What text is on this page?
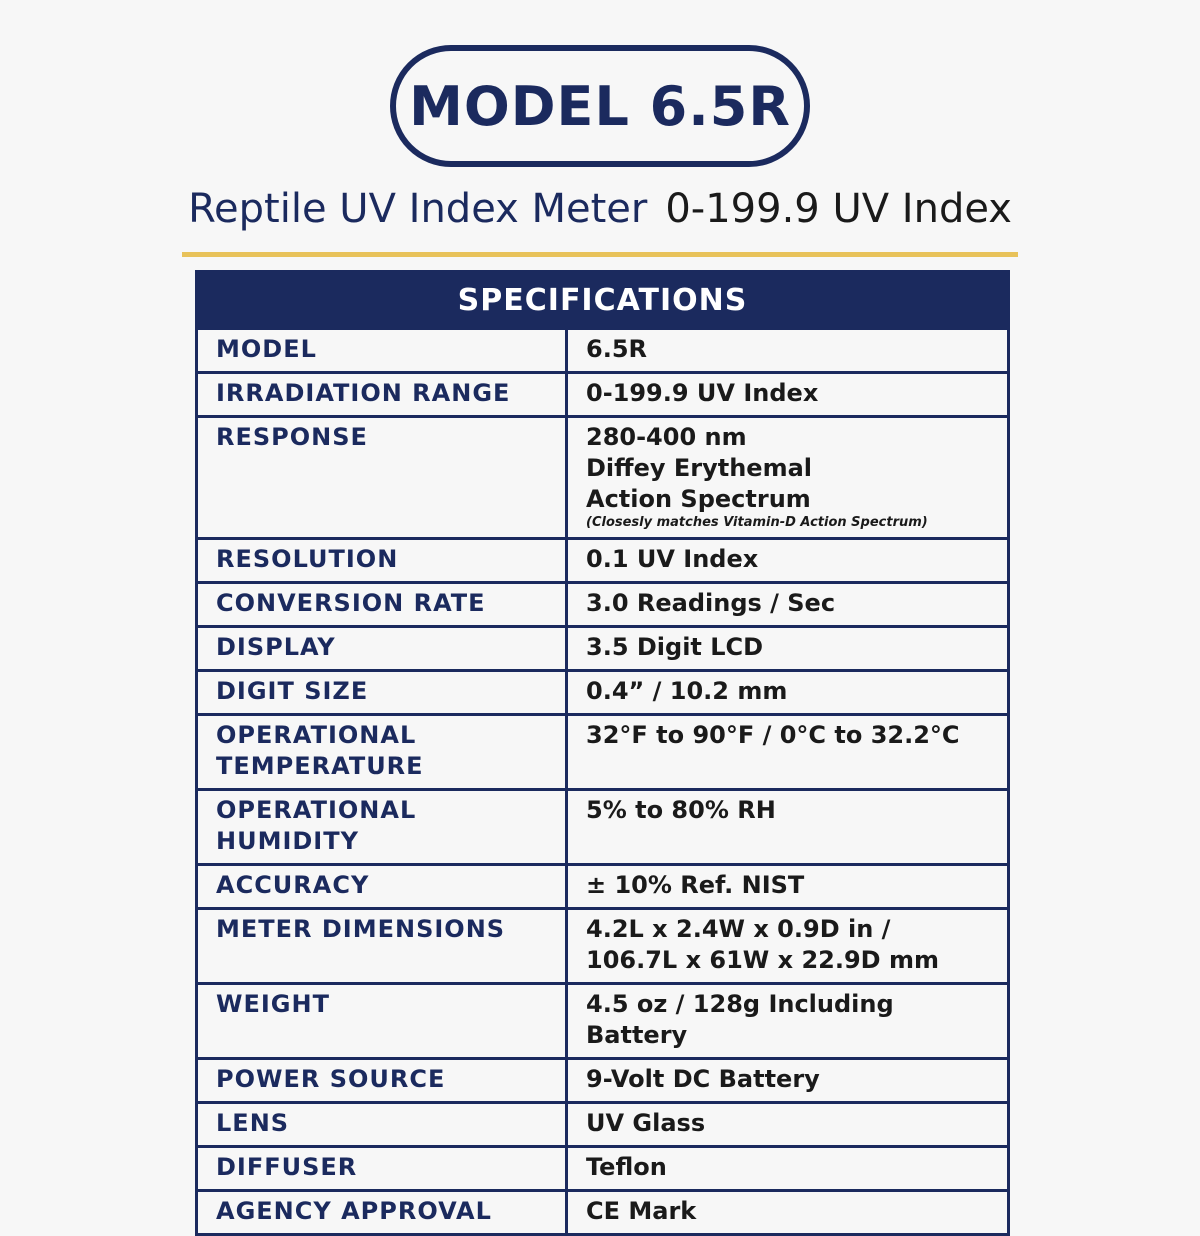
MODEL 6.5R
Reptile UV Index Meter 0-199.9 UV Index
SPECIFICATIONS	
MODEL	6.5R
IRRADIATION RANGE	0-199.9 UV Index
RESPONSE	280-400 nm
Diffey Erythemal
Action Spectrum
(Closesly matches Vitamin-D Action Spectrum)

RESOLUTION	0.1 UV Index
CONVERSION RATE	3.0 Readings / Sec
DISPLAY	3.5 Digit LCD
DIGIT SIZE	0.4” / 10.2 mm

OPERATIONAL
TEMPERATURE	32°F to 90°F / 0°C to 32.2°C
OPERATIONAL HUMIDITY	5% to 80% RH
ACCURACY	± 10% Ref. NIST
METER DIMENSIONS	4.2L x 2.4W x 0.9D in /
106.7L x 61W x 22.9D mm

WEIGHT	4.5 oz / 128g Including Battery
POWER SOURCE	9-Volt DC Battery
LENS	UV Glass
DIFFUSER	Teflon
AGENCY APPROVAL	CE Mark
